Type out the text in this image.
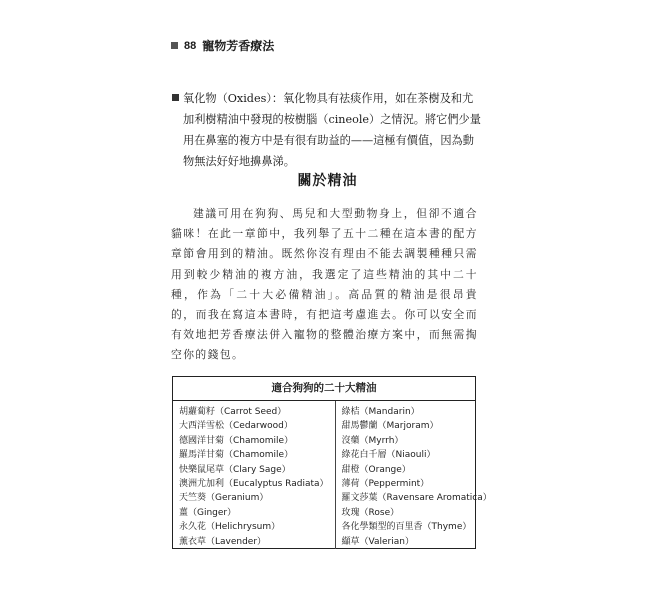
88 寵物芳香療法
氧化物（Oxides）：氧化物具有祛痰作用，如在茶樹及和尤加利樹精油中發現的桉樹腦（cineole）之情況。將它們少量用在鼻塞的複方中是有很有助益的——這極有價值，因為動物無法好好地擤鼻涕。
關於精油
建議可用在狗狗、馬兒和大型動物身上，但卻不適合貓咪！在此一章節中，我列舉了五十二種在這本書的配方章節會用到的精油。既然你沒有理由不能去調製種種只需用到較少精油的複方油，我選定了這些精油的其中二十種，作為「二十大必備精油」。高品質的精油是很昂貴的，而我在寫這本書時，有把這考慮進去。你可以安全而有效地把芳香療法併入寵物的整體治療方案中，而無需掏空你的錢包。
適合狗狗的二十大精油
胡蘿蔔籽（Carrot Seed）
大西洋雪松（Cedarwood）
德國洋甘菊（Chamomile）
羅馬洋甘菊（Chamomile）
快樂鼠尾草（Clary Sage）
澳洲尤加利（Eucalyptus Radiata）
天竺葵（Geranium）
薑（Ginger）
永久花（Helichrysum）
薰衣草（Lavender）
綠桔（Mandarin）
甜馬鬱蘭（Marjoram）
沒藥（Myrrh）
綠花白千層（Niaouli）
甜橙（Orange）
薄荷（Peppermint）
羅文莎葉（Ravensare Aromatica）
玫瑰（Rose）
各化學類型的百里香（Thyme）
纈草（Valerian）
